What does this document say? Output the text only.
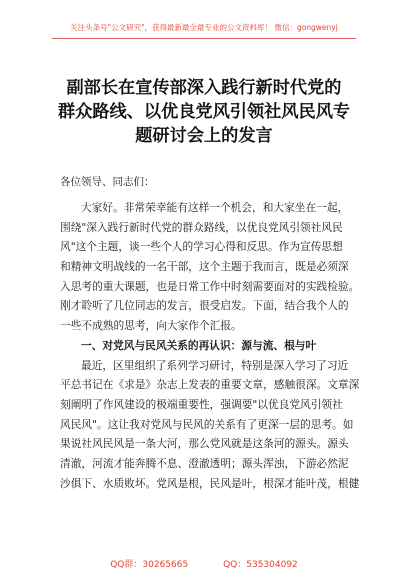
关注头条号"公文研究"，获得最新最全最专业的公文资料库！ 微信：gongwenyj
副部长在宣传部深入践行新时代党的
群众路线、以优良党风引领社风民风专
题研讨会上的发言
各位领导、同志们：
大家好。非常荣幸能有这样一个机会，和大家坐在一起，
围绕"深入践行新时代党的群众路线，以优良党风引领社风民
风"这个主题，谈一些个人的学习心得和反思。作为宣传思想
和精神文明战线的一名干部，这个主题于我而言，既是必须深
入思考的重大课题，也是日常工作中时刻需要面对的实践检验。
刚才聆听了几位同志的发言，很受启发。下面，结合我个人的
一些不成熟的思考，向大家作个汇报。
一、对党风与民风关系的再认识：源与流、根与叶
最近，区里组织了系列学习研讨，特别是深入学习了习近
平总书记在《求是》杂志上发表的重要文章，感触很深。文章深
刻阐明了作风建设的极端重要性，强调要"以优良党风引领社
风民风"。这让我对党风与民风的关系有了更深一层的思考。如
果说社风民风是一条大河，那么党风就是这条河的源头。源头
清澈，河流才能奔腾不息、澄澈透明；源头浑浊，下游必然泥
沙俱下、水质败坏。党风是根，民风是叶，根深才能叶茂，根健
QQ群：30265665	QQ：535304092
